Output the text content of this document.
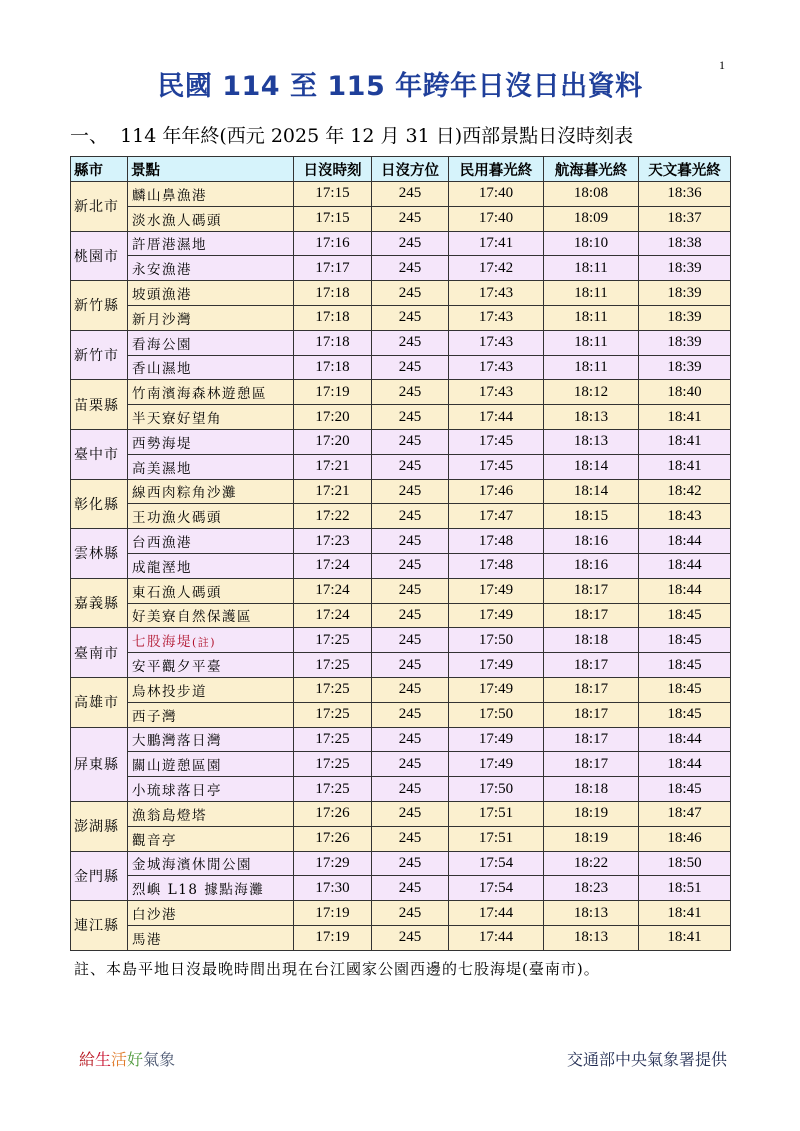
1
民國 114 至 115 年跨年日沒日出資料
一、  114 年年終(西元 2025 年 12 月 31 日)西部景點日沒時刻表
縣市	景點	日沒時刻	日沒方位	民用暮光終	航海暮光終	天文暮光終
新北市	麟山鼻漁港	17:15	245	17:40	18:08	18:36
	淡水漁人碼頭	17:15	245	17:40	18:09	18:37
桃園市	許厝港濕地	17:16	245	17:41	18:10	18:38
	永安漁港	17:17	245	17:42	18:11	18:39
新竹縣	坡頭漁港	17:18	245	17:43	18:11	18:39
	新月沙灣	17:18	245	17:43	18:11	18:39
新竹市	看海公園	17:18	245	17:43	18:11	18:39
	香山濕地	17:18	245	17:43	18:11	18:39
苗栗縣	竹南濱海森林遊憩區	17:19	245	17:43	18:12	18:40
	半天寮好望角	17:20	245	17:44	18:13	18:41
臺中市	西勢海堤	17:20	245	17:45	18:13	18:41
	高美濕地	17:21	245	17:45	18:14	18:41
彰化縣	線西肉粽角沙灘	17:21	245	17:46	18:14	18:42
	王功漁火碼頭	17:22	245	17:47	18:15	18:43
雲林縣	台西漁港	17:23	245	17:48	18:16	18:44
	成龍溼地	17:24	245	17:48	18:16	18:44
嘉義縣	東石漁人碼頭	17:24	245	17:49	18:17	18:44
	好美寮自然保護區	17:24	245	17:49	18:17	18:45
臺南市	七股海堤(註)	17:25	245	17:50	18:18	18:45
	安平觀夕平臺	17:25	245	17:49	18:17	18:45
高雄市	烏林投步道	17:25	245	17:49	18:17	18:45
	西子灣	17:25	245	17:50	18:17	18:45
屏東縣	大鵬灣落日灣	17:25	245	17:49	18:17	18:44
	關山遊憩區園	17:25	245	17:49	18:17	18:44
	小琉球落日亭	17:25	245	17:50	18:18	18:45
澎湖縣	漁翁島燈塔	17:26	245	17:51	18:19	18:47
	觀音亭	17:26	245	17:51	18:19	18:46
金門縣	金城海濱休閒公園	17:29	245	17:54	18:22	18:50
	烈嶼 L18 據點海灘	17:30	245	17:54	18:23	18:51
連江縣	白沙港	17:19	245	17:44	18:13	18:41
	馬港	17:19	245	17:44	18:13	18:41
註、本島平地日沒最晚時間出現在台江國家公園西邊的七股海堤(臺南市)。
給生活好氣象	交通部中央氣象署提供
